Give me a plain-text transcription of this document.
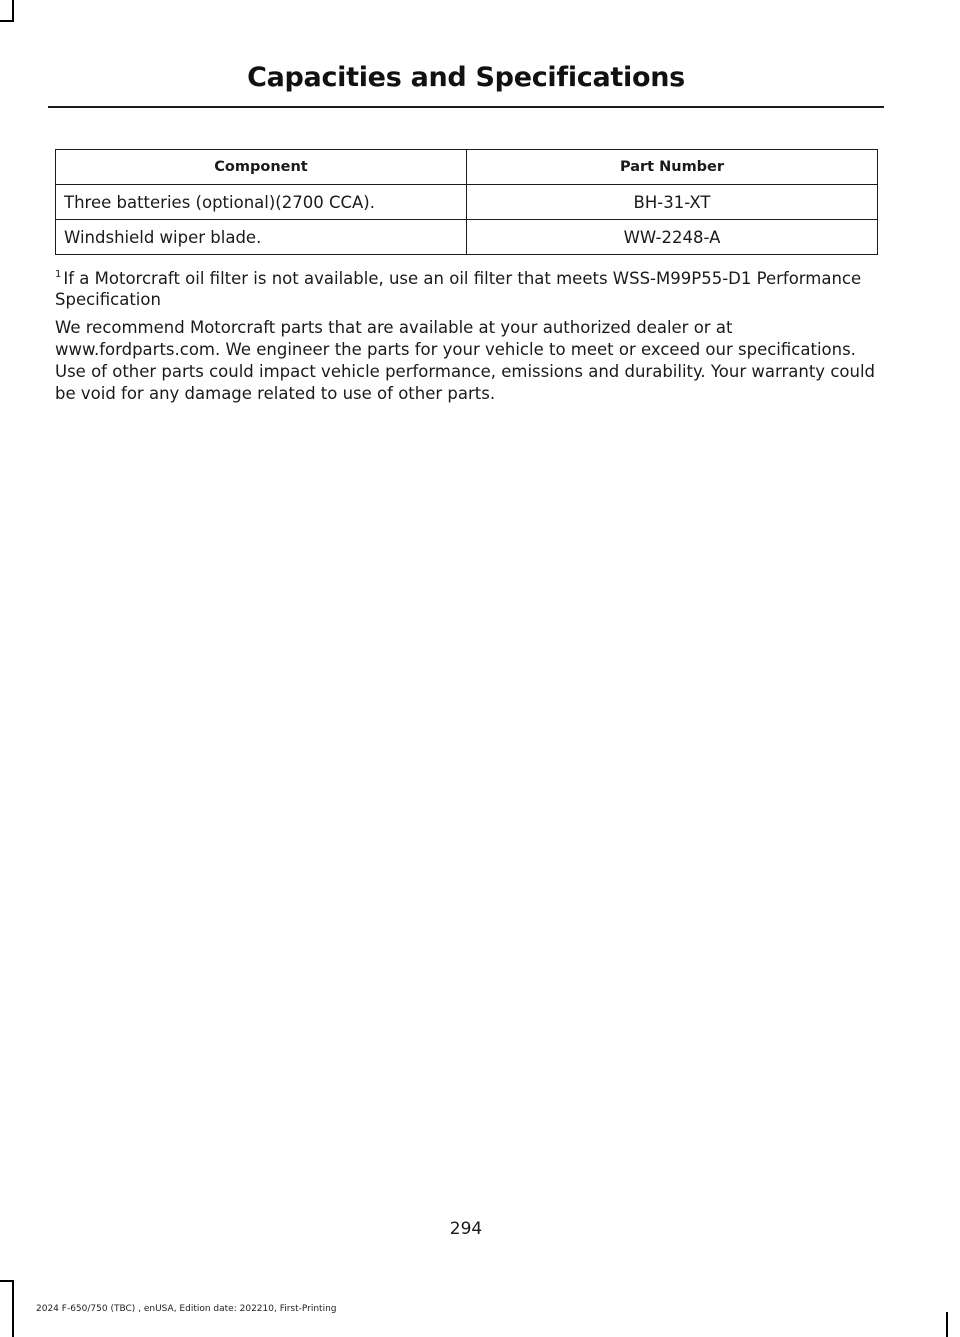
Capacities and Specifications
Component	Part Number
Three batteries (optional)(2700 CCA).	BH-31-XT
Windshield wiper blade.	WW-2248-A
$^1$ If a Motorcraft oil filter is not available, use an oil filter that meets WSS-M99P55-D1 Performance Specification
We recommend Motorcraft parts that are available at your authorized dealer or at www.fordparts.com. We engineer the parts for your vehicle to meet or exceed our specifications. Use of other parts could impact vehicle performance, emissions and durability. Your warranty could be void for any damage related to use of other parts.
294
2024 F-650/750 (TBC) , enUSA, Edition date: 202210, First-Printing
